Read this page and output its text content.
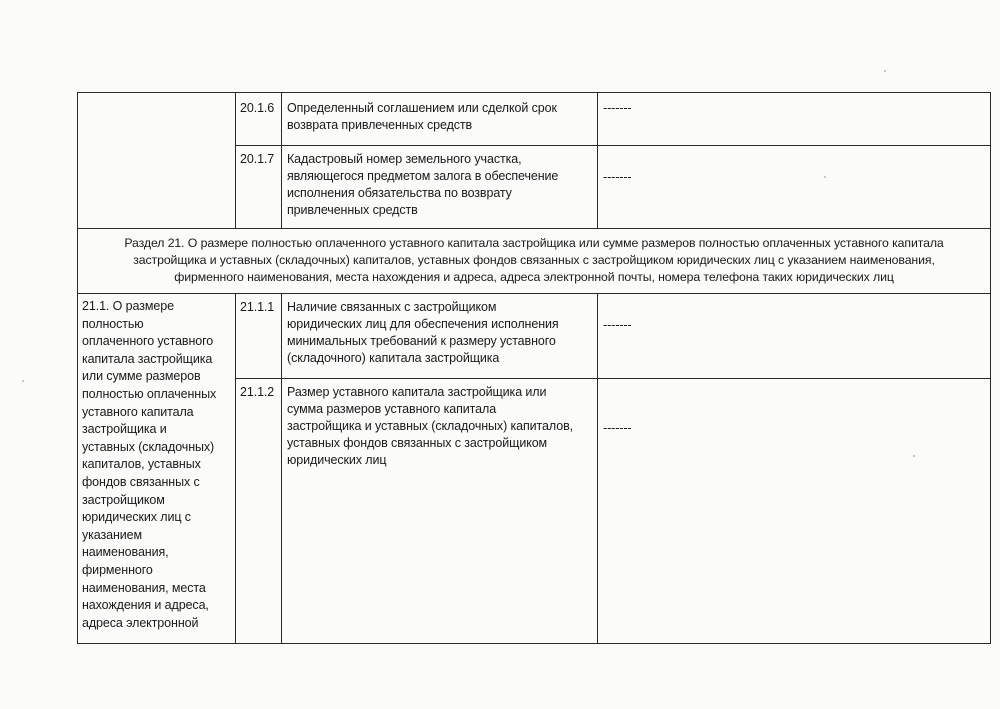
20.1.6 Определенный соглашением или сделкой срок
возврата привлеченных средств
-------
20.1.7 Кадастровый номер земельного участка,
являющегося предметом залога в обеспечение
исполнения обязательства по возврату
привлеченных средств
-------
Раздел 21. О размере полностью оплаченного уставного капитала застройщика или сумме размеров полностью оплаченных уставного капитала
застройщика и уставных (складочных) капиталов, уставных фондов связанных с застройщиком юридических лиц с указанием наименования,
фирменного наименования, места нахождения и адреса, адреса электронной почты, номера телефона таких юридических лиц
21.1. О размере
полностью
оплаченного уставного
капитала застройщика
или сумме размеров
полностью оплаченных
уставного капитала
застройщика и
уставных (складочных)
капиталов, уставных
фондов связанных с
застройщиком
юридических лиц с
указанием
наименования,
фирменного
наименования, места
нахождения и адреса,
адреса электронной
21.1.1 Наличие связанных с застройщиком
юридических лиц для обеспечения исполнения
минимальных требований к размеру уставного
(складочного) капитала застройщика
-------
21.1.2 Размер уставного капитала застройщика или
сумма размеров уставного капитала
застройщика и уставных (складочных) капиталов,
уставных фондов связанных с застройщиком
юридических лиц
-------
